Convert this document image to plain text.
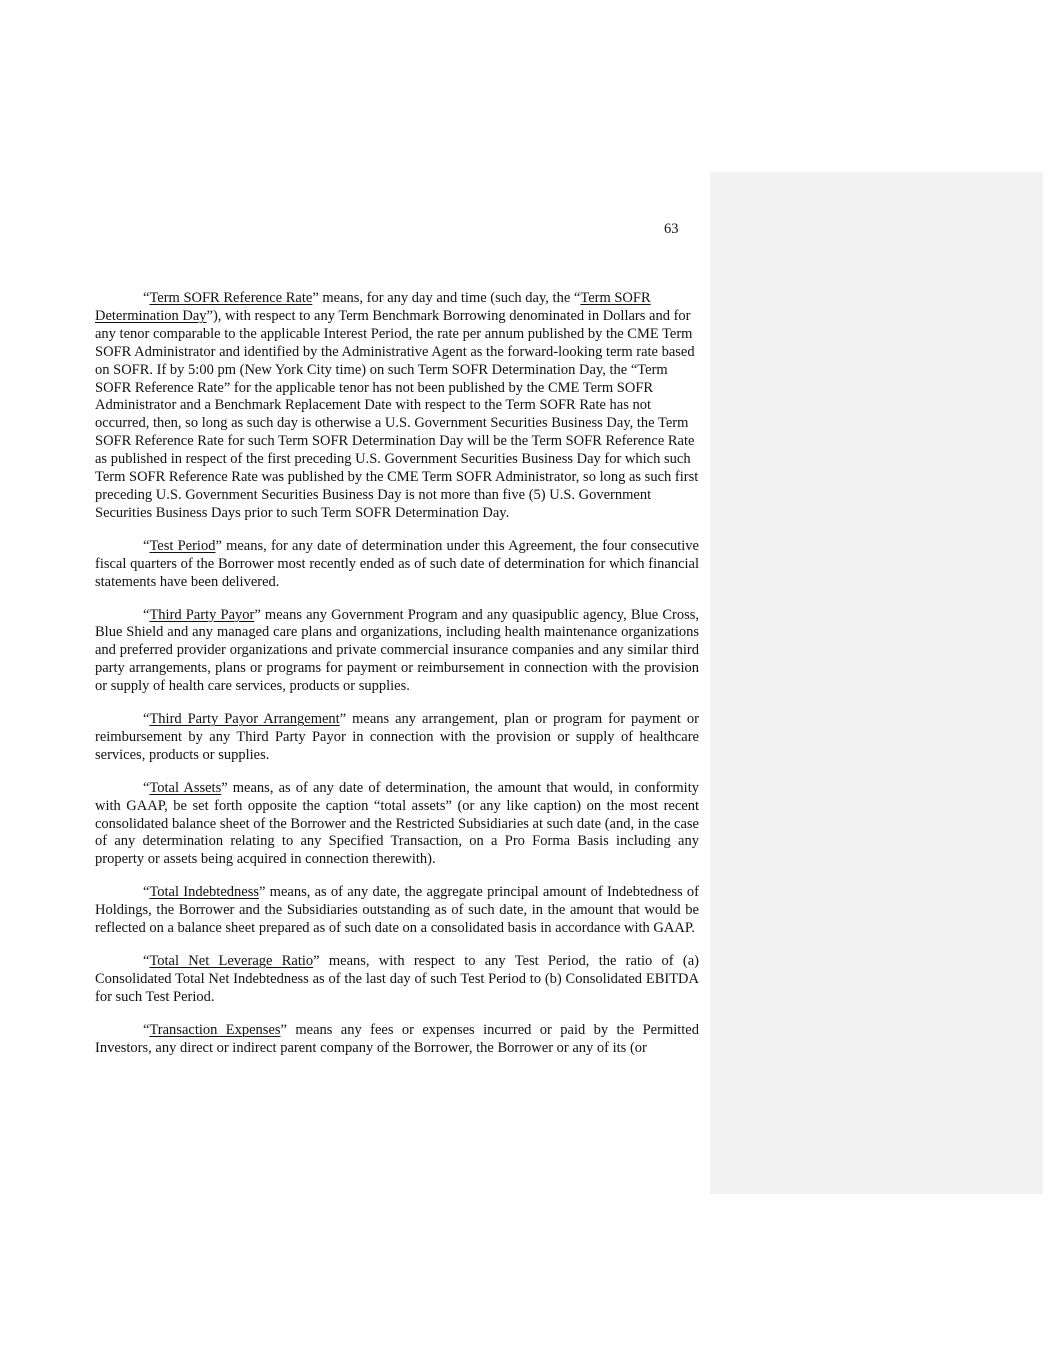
63

“Term SOFR Reference Rate” means, for any day and time (such day, the “Term SOFR Determination Day”), with respect to any Term Benchmark Borrowing denominated in Dollars and for any tenor comparable to the applicable Interest Period, the rate per annum published by the CME Term SOFR Administrator and identified by the Administrative Agent as the forward-looking term rate based on SOFR. If by 5:00 pm (New York City time) on such Term SOFR Determination Day, the “Term SOFR Reference Rate” for the applicable tenor has not been published by the CME Term SOFR Administrator and a Benchmark Replacement Date with respect to the Term SOFR Rate has not occurred, then, so long as such day is otherwise a U.S. Government Securities Business Day, the Term SOFR Reference Rate for such Term SOFR Determination Day will be the Term SOFR Reference Rate as published in respect of the first preceding U.S. Government Securities Business Day for which such Term SOFR Reference Rate was published by the CME Term SOFR Administrator, so long as such first preceding U.S. Government Securities Business Day is not more than five (5) U.S. Government Securities Business Days prior to such Term SOFR Determination Day.

“Test Period” means, for any date of determination under this Agreement, the four consecutive fiscal quarters of the Borrower most recently ended as of such date of determination for which financial statements have been delivered.

“Third Party Payor” means any Government Program and any quasipublic agency, Blue Cross, Blue Shield and any managed care plans and organizations, including health maintenance organizations and preferred provider organizations and private commercial insurance companies and any similar third party arrangements, plans or programs for payment or reimbursement in connection with the provision or supply of health care services, products or supplies.

“Third Party Payor Arrangement” means any arrangement, plan or program for payment or reimbursement by any Third Party Payor in connection with the provision or supply of healthcare services, products or supplies.

“Total Assets” means, as of any date of determination, the amount that would, in conformity with GAAP, be set forth opposite the caption “total assets” (or any like caption) on the most recent consolidated balance sheet of the Borrower and the Restricted Subsidiaries at such date (and, in the case of any determination relating to any Specified Transaction, on a Pro Forma Basis including any property or assets being acquired in connection therewith).

“Total Indebtedness” means, as of any date, the aggregate principal amount of Indebtedness of Holdings, the Borrower and the Subsidiaries outstanding as of such date, in the amount that would be reflected on a balance sheet prepared as of such date on a consolidated basis in accordance with GAAP.

“Total Net Leverage Ratio” means, with respect to any Test Period, the ratio of (a) Consolidated Total Net Indebtedness as of the last day of such Test Period to (b) Consolidated EBITDA for such Test Period.

“Transaction Expenses” means any fees or expenses incurred or paid by the Permitted Investors, any direct or indirect parent company of the Borrower, the Borrower or any of its (or
